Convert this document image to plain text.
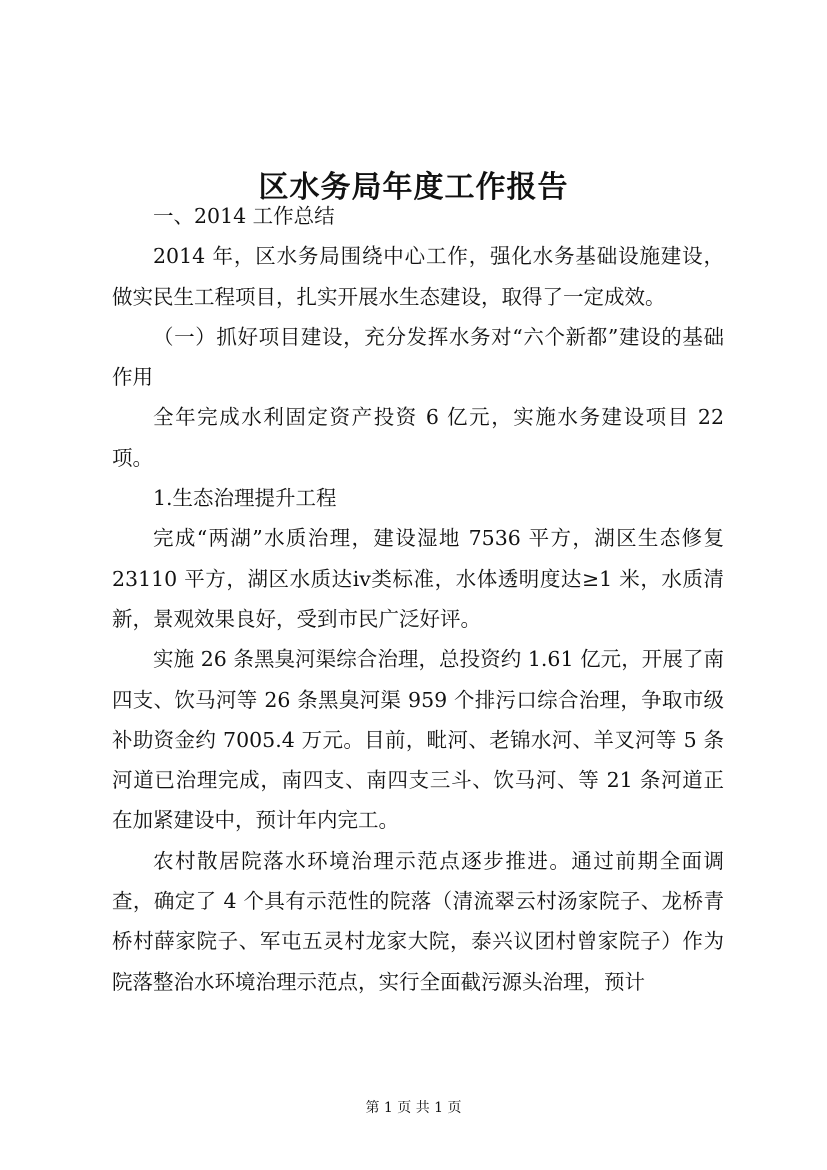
区水务局年度工作报告

一、2014 工作总结

2014 年，区水务局围绕中心工作，强化水务基础设施建设，做实民生工程项目，扎实开展水生态建设，取得了一定成效。

（一）抓好项目建设，充分发挥水务对“六个新都”建设的基础作用

全年完成水利固定资产投资 6 亿元，实施水务建设项目 22 项。

1.生态治理提升工程

完成“两湖”水质治理，建设湿地 7536 平方，湖区生态修复 23110 平方，湖区水质达ⅳ类标准，水体透明度达≥1 米，水质清新，景观效果良好，受到市民广泛好评。

实施 26 条黑臭河渠综合治理，总投资约 1.61 亿元，开展了南四支、饮马河等 26 条黑臭河渠 959 个排污口综合治理，争取市级补助资金约 7005.4 万元。目前，毗河、老锦水河、羊叉河等 5 条河道已治理完成，南四支、南四支三斗、饮马河、等 21 条河道正在加紧建设中，预计年内完工。

农村散居院落水环境治理示范点逐步推进。通过前期全面调查，确定了 4 个具有示范性的院落（清流翠云村汤家院子、龙桥青桥村薛家院子、军屯五灵村龙家大院，泰兴议团村曾家院子）作为院落整治水环境治理示范点，实行全面截污源头治理，预计

第 1 页 共 1 页
